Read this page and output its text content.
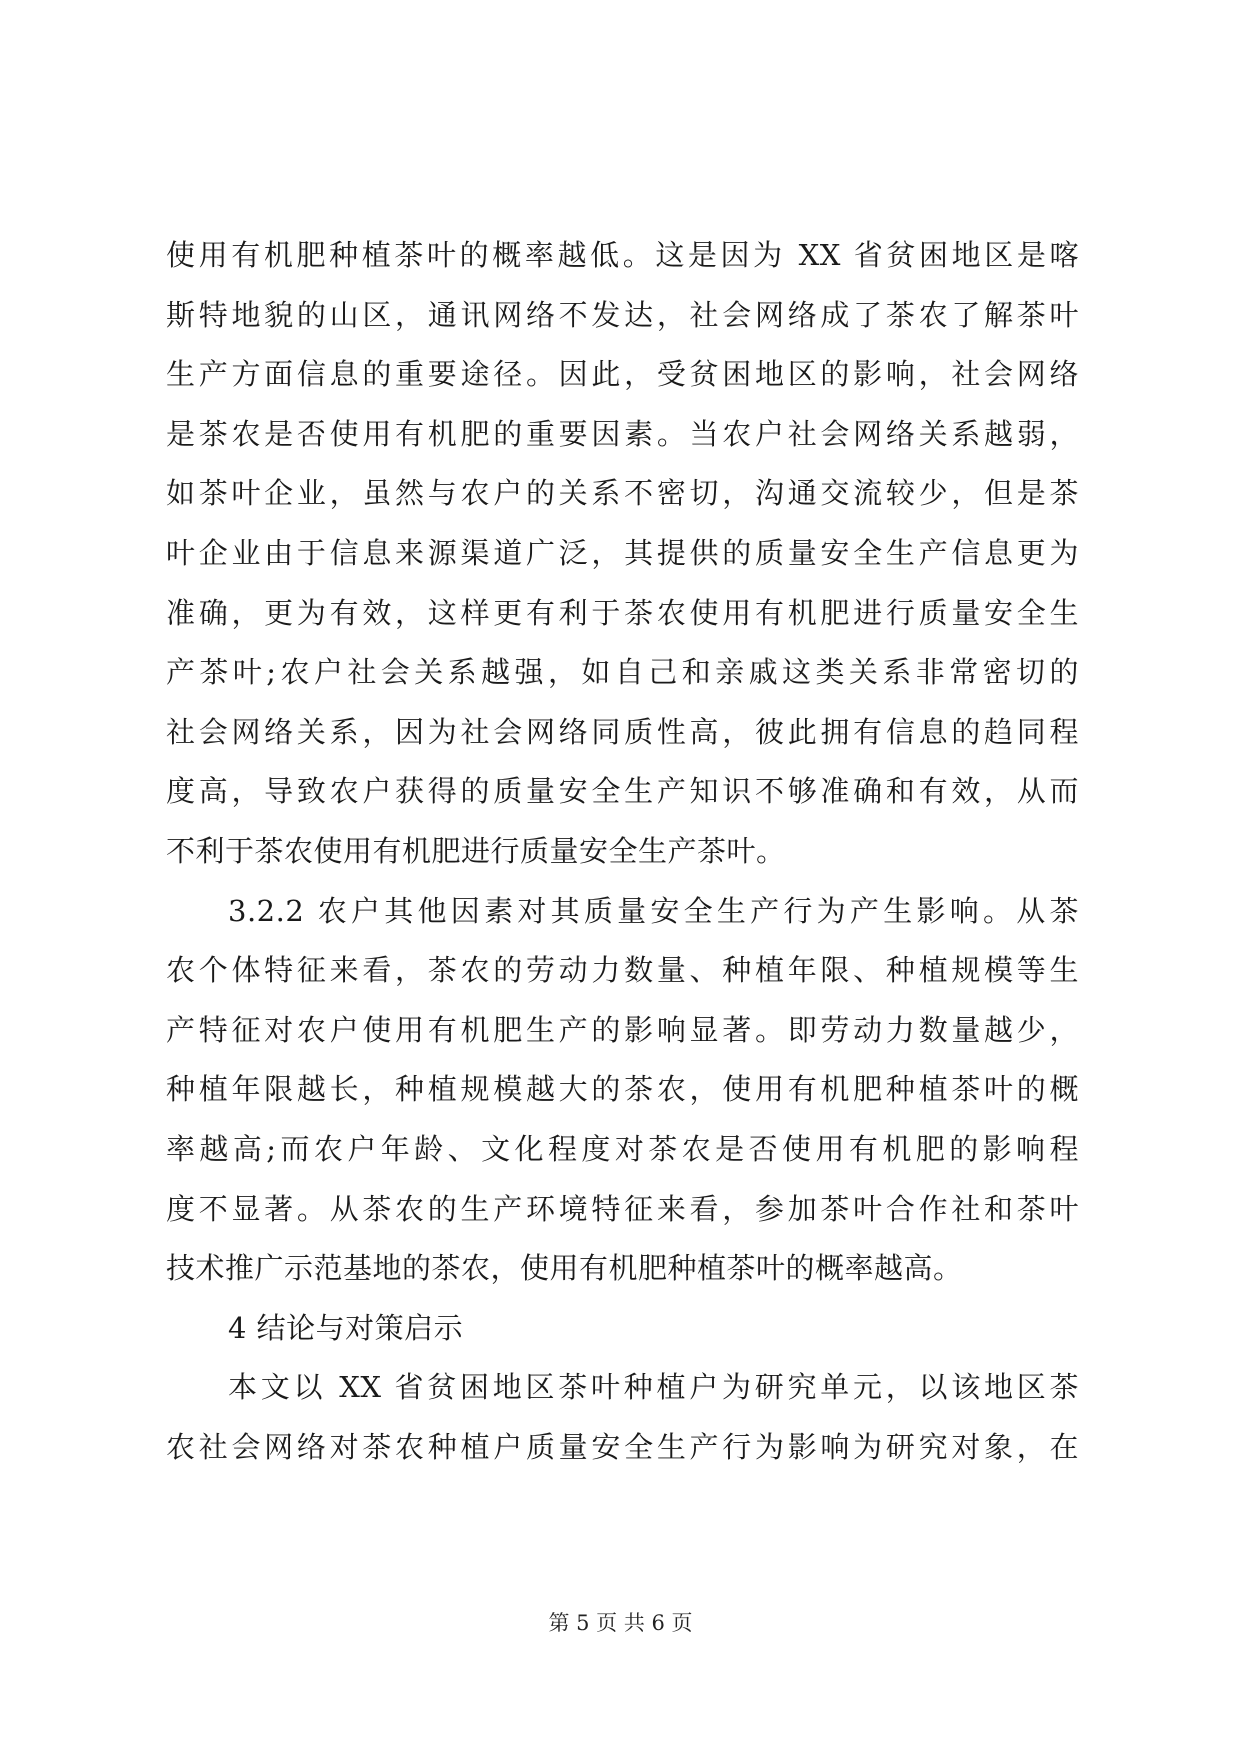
使用有机肥种植茶叶的概率越低。这是因为 XX 省贫困地区是喀
斯特地貌的山区，通讯网络不发达，社会网络成了茶农了解茶叶
生产方面信息的重要途径。因此，受贫困地区的影响，社会网络
是茶农是否使用有机肥的重要因素。当农户社会网络关系越弱，
如茶叶企业，虽然与农户的关系不密切，沟通交流较少，但是茶
叶企业由于信息来源渠道广泛，其提供的质量安全生产信息更为
准确，更为有效，这样更有利于茶农使用有机肥进行质量安全生
产茶叶;农户社会关系越强，如自己和亲戚这类关系非常密切的
社会网络关系，因为社会网络同质性高，彼此拥有信息的趋同程
度高，导致农户获得的质量安全生产知识不够准确和有效，从而
不利于茶农使用有机肥进行质量安全生产茶叶。
3.2.2 农户其他因素对其质量安全生产行为产生影响。从茶
农个体特征来看，茶农的劳动力数量、种植年限、种植规模等生
产特征对农户使用有机肥生产的影响显著。即劳动力数量越少，
种植年限越长，种植规模越大的茶农，使用有机肥种植茶叶的概
率越高;而农户年龄、文化程度对茶农是否使用有机肥的影响程
度不显著。从茶农的生产环境特征来看，参加茶叶合作社和茶叶
技术推广示范基地的茶农，使用有机肥种植茶叶的概率越高。
4 结论与对策启示
本文以 XX 省贫困地区茶叶种植户为研究单元，以该地区茶
农社会网络对茶农种植户质量安全生产行为影响为研究对象，在
第 5 页 共 6 页
